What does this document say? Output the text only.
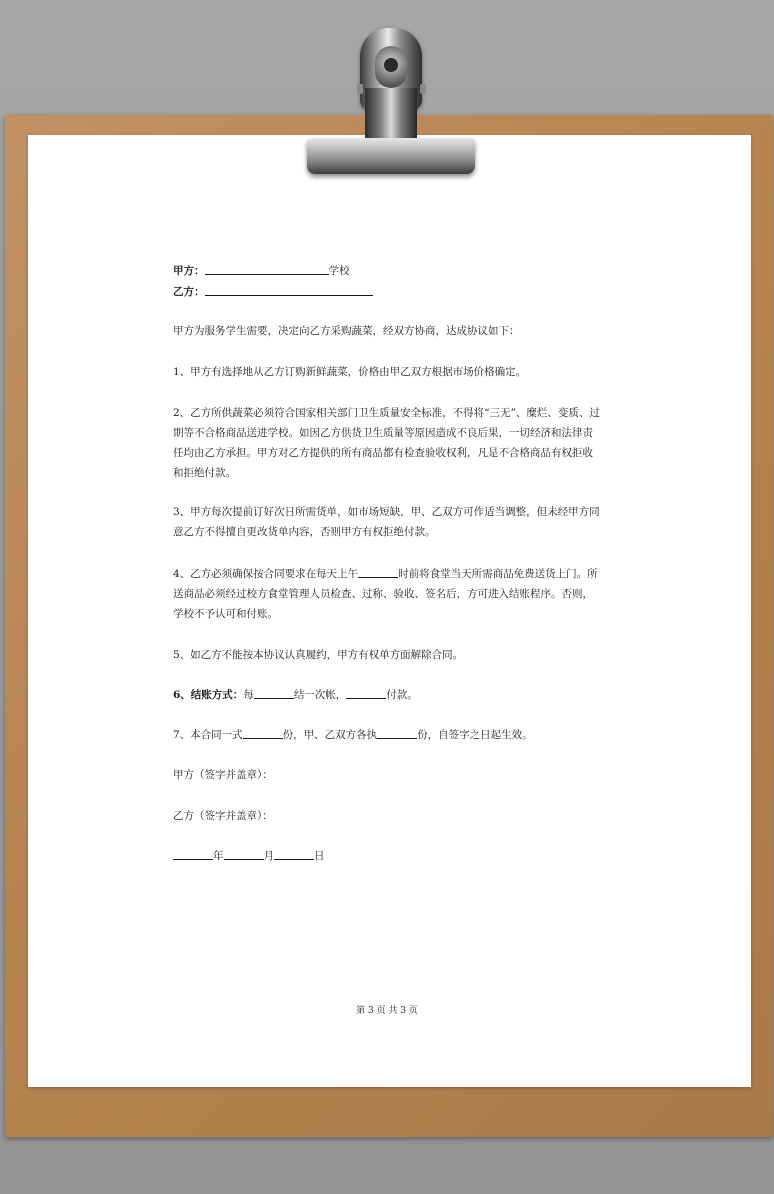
甲方：	学校
乙方：
甲方为服务学生需要，决定向乙方采购蔬菜，经双方协商，达成协议如下：
1、甲方有选择地从乙方订购新鲜蔬菜，价格由甲乙双方根据市场价格确定。
2、乙方所供蔬菜必须符合国家相关部门卫生质量安全标准，不得将“三无”、糜烂、变质、过期等不合格商品送进学校。如因乙方供货卫生质量等原因造成不良后果，一切经济和法律责任均由乙方承担。甲方对乙方提供的所有商品都有检查验收权利，凡是不合格商品有权拒收和拒绝付款。
3、甲方每次提前订好次日所需货单，如市场短缺，甲、乙双方可作适当调整，但未经甲方同意乙方不得擅自更改货单内容，否则甲方有权拒绝付款。
4、乙方必须确保按合同要求在每天上午	时前将食堂当天所需商品免费送货上门。所送商品必须经过校方食堂管理人员检查、过称、验收、签名后，方可进入结账程序。否则，学校不予认可和付账。
5、如乙方不能按本协议认真履约，甲方有权单方面解除合同。
6、结账方式：每	结一次帐，	付款。
7、本合同一式	份，甲、乙双方各执	份，自签字之日起生效。
甲方（签字并盖章）：
乙方（签字并盖章）：
年	月	日
第 3 页 共 3 页
